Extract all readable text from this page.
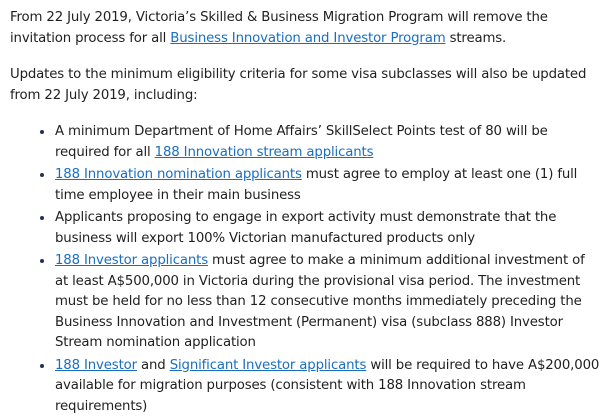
From 22 July 2019, Victoria’s Skilled & Business Migration Program will remove the invitation process for all Business Innovation and Investor Program streams.

Updates to the minimum eligibility criteria for some visa subclasses will also be updated from 22 July 2019, including:

A minimum Department of Home Affairs’ SkillSelect Points test of 80 will be required for all 188 Innovation stream applicants
188 Innovation nomination applicants must agree to employ at least one (1) full time employee in their main business
Applicants proposing to engage in export activity must demonstrate that the business will export 100% Victorian manufactured products only
188 Investor applicants must agree to make a minimum additional investment of at least A$500,000 in Victoria during the provisional visa period. The investment must be held for no less than 12 consecutive months immediately preceding the Business Innovation and Investment (Permanent) visa (subclass 888) Investor Stream nomination application
188 Investor and Significant Investor applicants will be required to have A$200,000 available for migration purposes (consistent with 188 Innovation stream requirements)
